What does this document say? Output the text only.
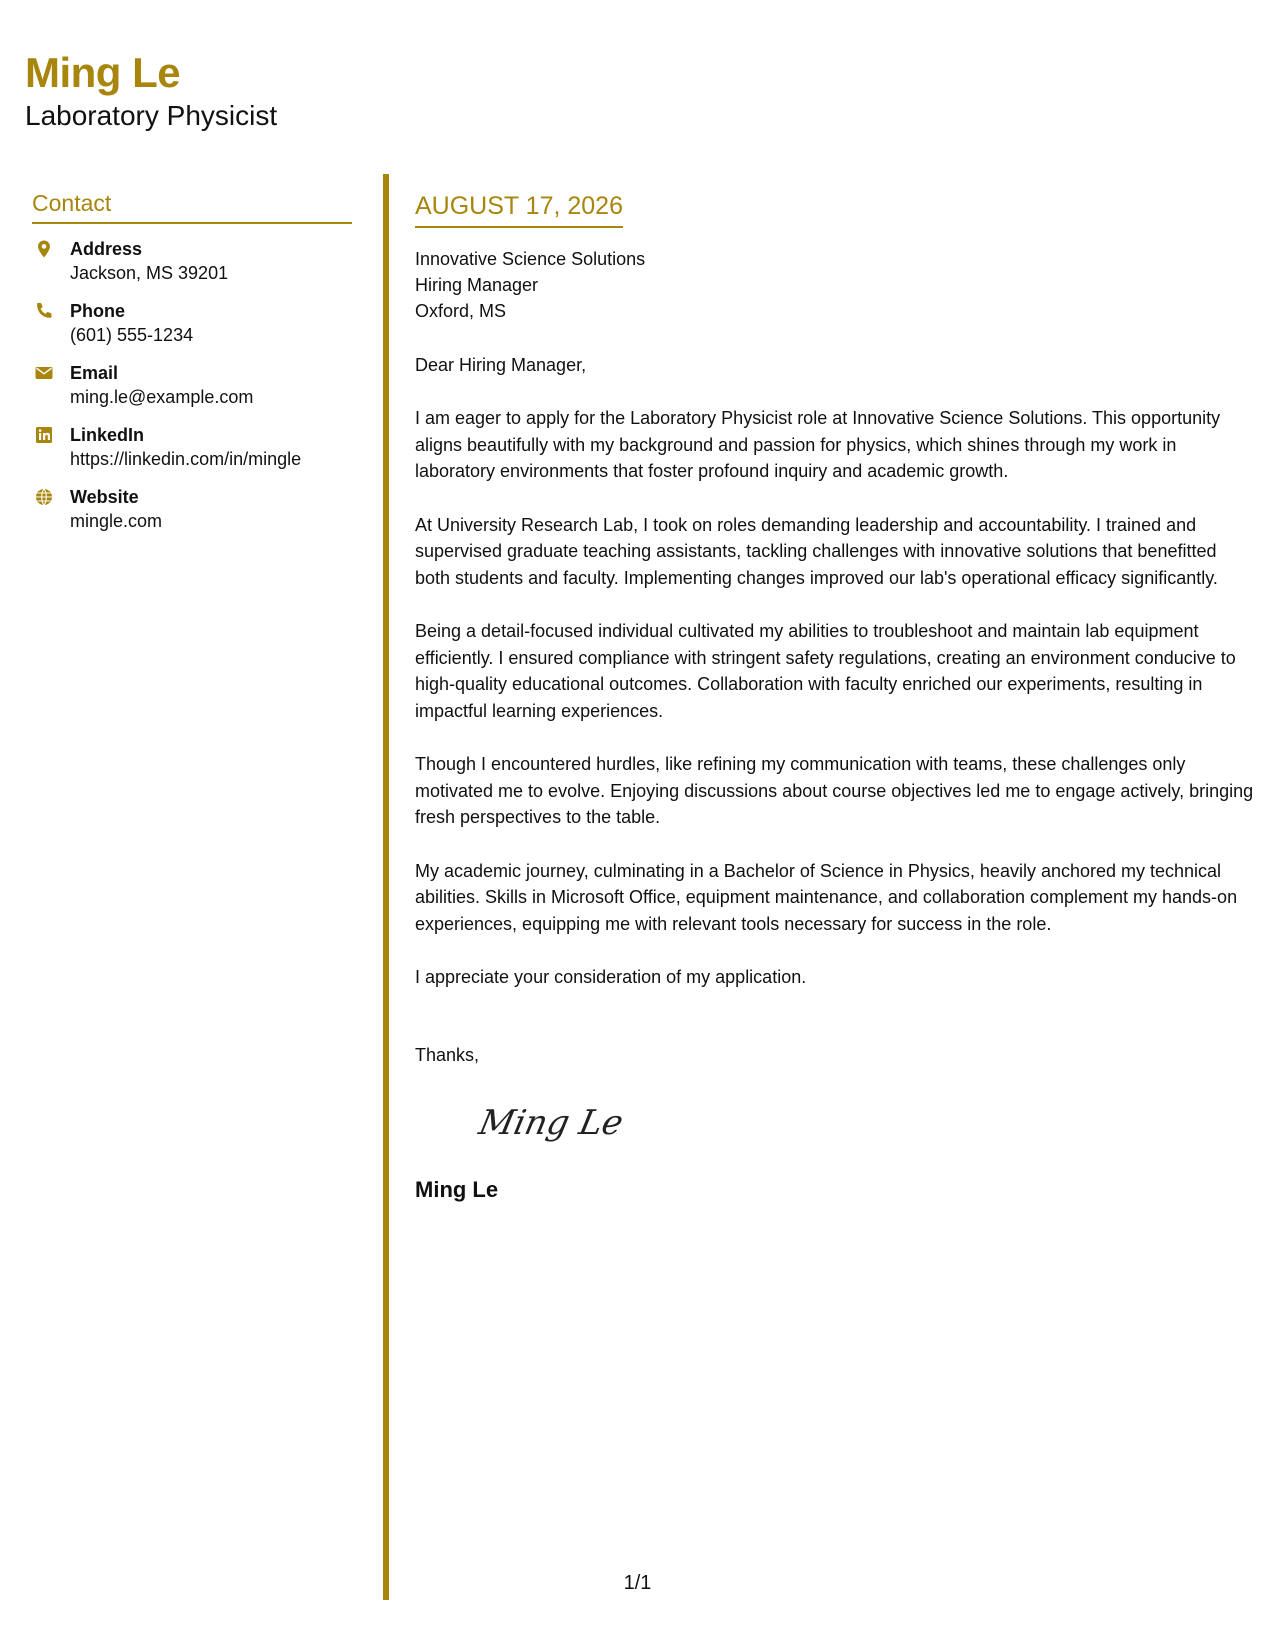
Ming Le
Laboratory Physicist
Contact
Address
Jackson, MS 39201
Phone
(601) 555-1234
Email
ming.le@example.com
LinkedIn
https://linkedin.com/in/mingle
Website
mingle.com
AUGUST 17, 2026
Innovative Science Solutions
Hiring Manager
Oxford, MS
Dear Hiring Manager,
I am eager to apply for the Laboratory Physicist role at Innovative Science Solutions. This opportunity aligns beautifully with my background and passion for physics, which shines through my work in laboratory environments that foster profound inquiry and academic growth.
At University Research Lab, I took on roles demanding leadership and accountability. I trained and supervised graduate teaching assistants, tackling challenges with innovative solutions that benefitted both students and faculty. Implementing changes improved our lab's operational efficacy significantly.
Being a detail-focused individual cultivated my abilities to troubleshoot and maintain lab equipment efficiently. I ensured compliance with stringent safety regulations, creating an environment conducive to high-quality educational outcomes. Collaboration with faculty enriched our experiments, resulting in impactful learning experiences.
Though I encountered hurdles, like refining my communication with teams, these challenges only motivated me to evolve. Enjoying discussions about course objectives led me to engage actively, bringing fresh perspectives to the table.
My academic journey, culminating in a Bachelor of Science in Physics, heavily anchored my technical abilities. Skills in Microsoft Office, equipment maintenance, and collaboration complement my hands-on experiences, equipping me with relevant tools necessary for success in the role.
I appreciate your consideration of my application.
Thanks,
Ming Le
Ming Le
1/1
